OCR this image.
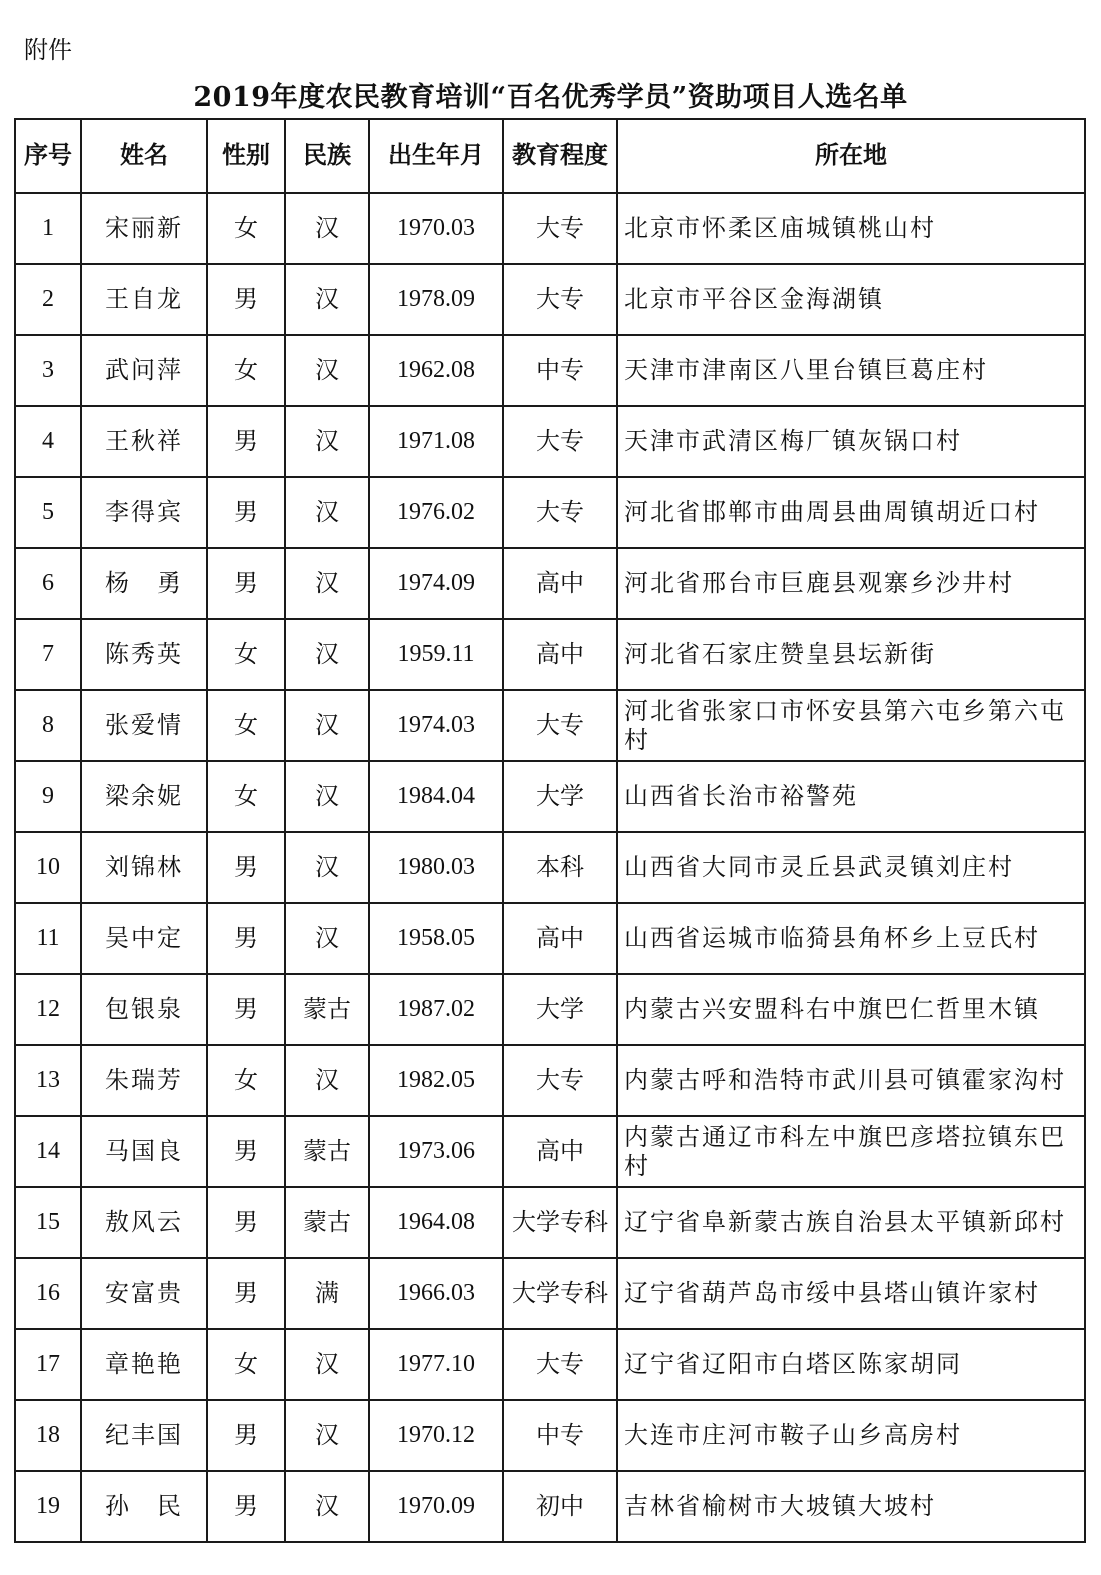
附件
2019年度农民教育培训“百名优秀学员”资助项目人选名单
序号	姓名	性别	民族	出生年月	教育程度	所在地
1	宋丽新	女	汉	1970.03	大专	北京市怀柔区庙城镇桃山村
2	王自龙	男	汉	1978.09	大专	北京市平谷区金海湖镇
3	武问萍	女	汉	1962.08	中专	天津市津南区八里台镇巨葛庄村
4	王秋祥	男	汉	1971.08	大专	天津市武清区梅厂镇灰锅口村
5	李得宾	男	汉	1976.02	大专	河北省邯郸市曲周县曲周镇胡近口村
6	杨　勇	男	汉	1974.09	高中	河北省邢台市巨鹿县观寨乡沙井村
7	陈秀英	女	汉	1959.11	高中	河北省石家庄赞皇县坛新街
8	张爱情	女	汉	1974.03	大专	河北省张家口市怀安县第六屯乡第六屯村
9	梁余妮	女	汉	1984.04	大学	山西省长治市裕警苑
10	刘锦林	男	汉	1980.03	本科	山西省大同市灵丘县武灵镇刘庄村
11	吴中定	男	汉	1958.05	高中	山西省运城市临猗县角杯乡上豆氏村
12	包银泉	男	蒙古	1987.02	大学	内蒙古兴安盟科右中旗巴仁哲里木镇
13	朱瑞芳	女	汉	1982.05	大专	内蒙古呼和浩特市武川县可镇霍家沟村
14	马国良	男	蒙古	1973.06	高中	内蒙古通辽市科左中旗巴彦塔拉镇东巴村
15	敖风云	男	蒙古	1964.08	大学专科	辽宁省阜新蒙古族自治县太平镇新邱村
16	安富贵	男	满	1966.03	大学专科	辽宁省葫芦岛市绥中县塔山镇许家村
17	章艳艳	女	汉	1977.10	大专	辽宁省辽阳市白塔区陈家胡同
18	纪丰国	男	汉	1970.12	中专	大连市庄河市鞍子山乡高房村
19	孙　民	男	汉	1970.09	初中	吉林省榆树市大坡镇大坡村
